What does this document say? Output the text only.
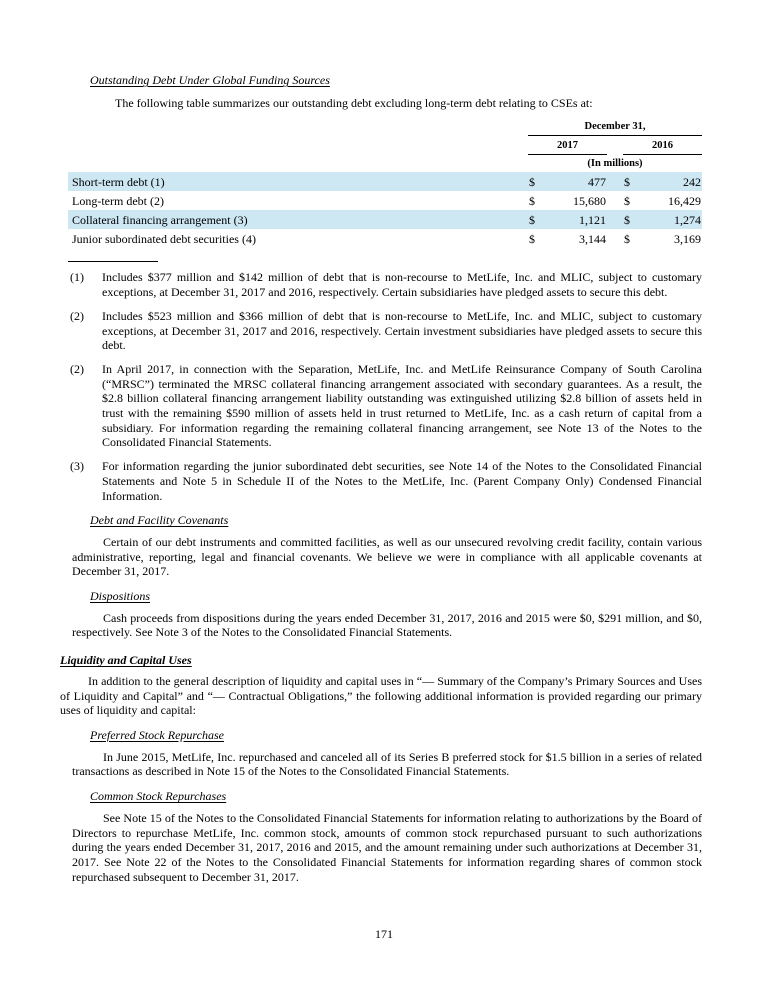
Outstanding Debt Under Global Funding Sources

The following table summarizes our outstanding debt excluding long-term debt relating to CSEs at:

December 31,
2017	2016
(In millions)
Short-term debt (1)	$	477 $	242
Long-term debt (2)	$	15,680 $	16,429
Collateral financing arrangement (3)	$	1,121 $	1,274
Junior subordinated debt securities (4)	$	3,144 $	3,169
(1)	Includes $377 million and $142 million of debt that is non-recourse to MetLife, Inc. and MLIC, subject to customary exceptions, at December 31, 2017 and 2016, respectively. Certain subsidiaries have pledged assets to secure this debt.
(2)	Includes $523 million and $366 million of debt that is non-recourse to MetLife, Inc. and MLIC, subject to customary exceptions, at December 31, 2017 and 2016, respectively. Certain investment subsidiaries have pledged assets to secure this debt.
(2)	In April 2017, in connection with the Separation, MetLife, Inc. and MetLife Reinsurance Company of South Carolina (“MRSC”) terminated the MRSC collateral financing arrangement associated with secondary guarantees. As a result, the $2.8 billion collateral financing arrangement liability outstanding was extinguished utilizing $2.8 billion of assets held in trust with the remaining $590 million of assets held in trust returned to MetLife, Inc. as a cash return of capital from a subsidiary. For information regarding the remaining collateral financing arrangement, see Note 13 of the Notes to the Consolidated Financial Statements.
(3)	For information regarding the junior subordinated debt securities, see Note 14 of the Notes to the Consolidated Financial Statements and Note 5 in Schedule II of the Notes to the MetLife, Inc. (Parent Company Only) Condensed Financial Information.
Debt and Facility Covenants

Certain of our debt instruments and committed facilities, as well as our unsecured revolving credit facility, contain various administrative, reporting, legal and financial covenants. We believe we were in compliance with all applicable covenants at December 31, 2017.

Dispositions

Cash proceeds from dispositions during the years ended December 31, 2017, 2016 and 2015 were $0, $291 million, and $0, respectively. See Note 3 of the Notes to the Consolidated Financial Statements.

Liquidity and Capital Uses

In addition to the general description of liquidity and capital uses in “— Summary of the Company’s Primary Sources and Uses of Liquidity and Capital” and “— Contractual Obligations,” the following additional information is provided regarding our primary uses of liquidity and capital:

Preferred Stock Repurchase

In June 2015, MetLife, Inc. repurchased and canceled all of its Series B preferred stock for $1.5 billion in a series of related transactions as described in Note 15 of the Notes to the Consolidated Financial Statements.

Common Stock Repurchases

See Note 15 of the Notes to the Consolidated Financial Statements for information relating to authorizations by the Board of Directors to repurchase MetLife, Inc. common stock, amounts of common stock repurchased pursuant to such authorizations during the years ended December 31, 2017, 2016 and 2015, and the amount remaining under such authorizations at December 31, 2017. See Note 22 of the Notes to the Consolidated Financial Statements for information regarding shares of common stock repurchased subsequent to December 31, 2017.

171
